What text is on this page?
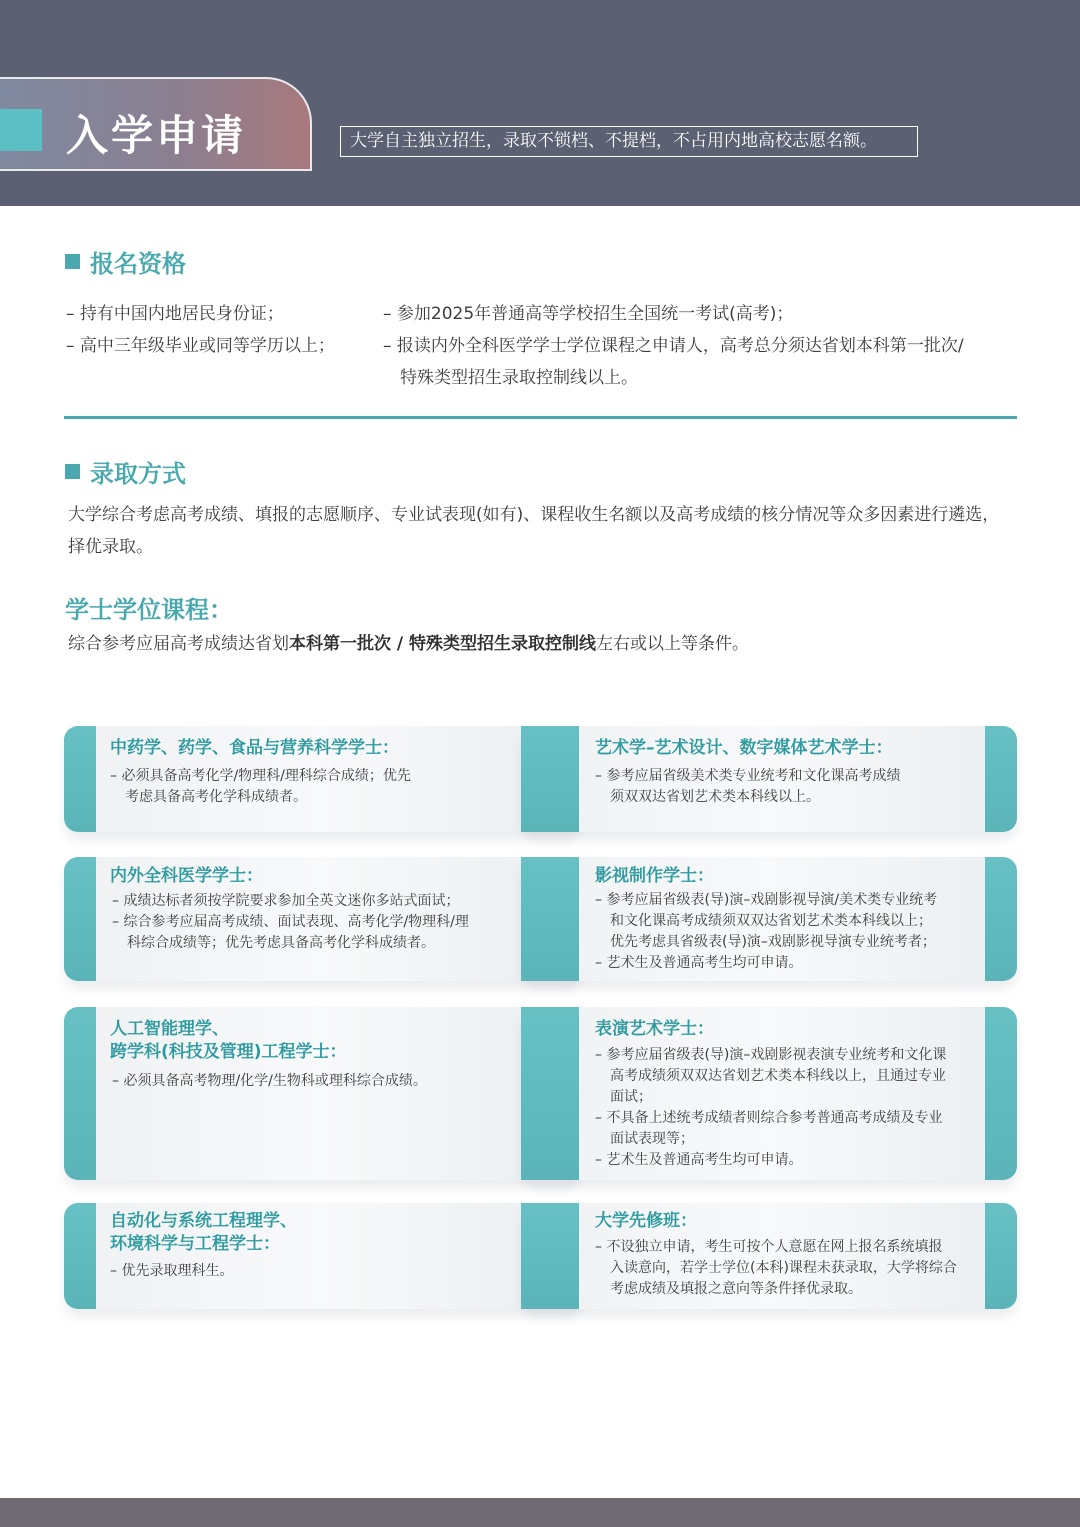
入学申请	大学自主独立招生，录取不锁档、不提档，不占用内地高校志愿名额。
报名资格
– 持有中国内地居民身份证；
– 高中三年级毕业或同等学历以上；
– 参加2025年普通高等学校招生全国统一考试(高考)；
– 报读内外全科医学学士学位课程之申请人，高考总分须达省划本科第一批次/
特殊类型招生录取控制线以上。
录取方式
大学综合考虑高考成绩、填报的志愿顺序、专业试表现(如有)、课程收生名额以及高考成绩的核分情况等众多因素进行遴选，
择优录取。
学士学位课程：
综合参考应届高考成绩达省划本科第一批次 / 特殊类型招生录取控制线左右或以上等条件。
中药学、药学、食品与营养科学学士：
– 必须具备高考化学/物理科/理科综合成绩；优先
考虑具备高考化学科成绩者。
艺术学–艺术设计、数字媒体艺术学士：
– 参考应届省级美术类专业统考和文化课高考成绩
须双双达省划艺术类本科线以上。
内外全科医学学士：
– 成绩达标者须按学院要求参加全英文迷你多站式面试；
– 综合参考应届高考成绩、面试表现、高考化学/物理科/理
科综合成绩等；优先考虑具备高考化学科成绩者。
影视制作学士：
– 参考应届省级表(导)演–戏剧影视导演/美术类专业统考
和文化课高考成绩须双双达省划艺术类本科线以上；
优先考虑具省级表(导)演–戏剧影视导演专业统考者；
– 艺术生及普通高考生均可申请。
人工智能理学、
跨学科(科技及管理)工程学士：
– 必须具备高考物理/化学/生物科或理科综合成绩。
表演艺术学士：
– 参考应届省级表(导)演–戏剧影视表演专业统考和文化课
高考成绩须双双达省划艺术类本科线以上，且通过专业
面试；
– 不具备上述统考成绩者则综合参考普通高考成绩及专业
面试表现等；
– 艺术生及普通高考生均可申请。
自动化与系统工程理学、
环境科学与工程学士：
– 优先录取理科生。
大学先修班：
– 不设独立申请，考生可按个人意愿在网上报名系统填报
入读意向，若学士学位(本科)课程未获录取，大学将综合
考虑成绩及填报之意向等条件择优录取。
